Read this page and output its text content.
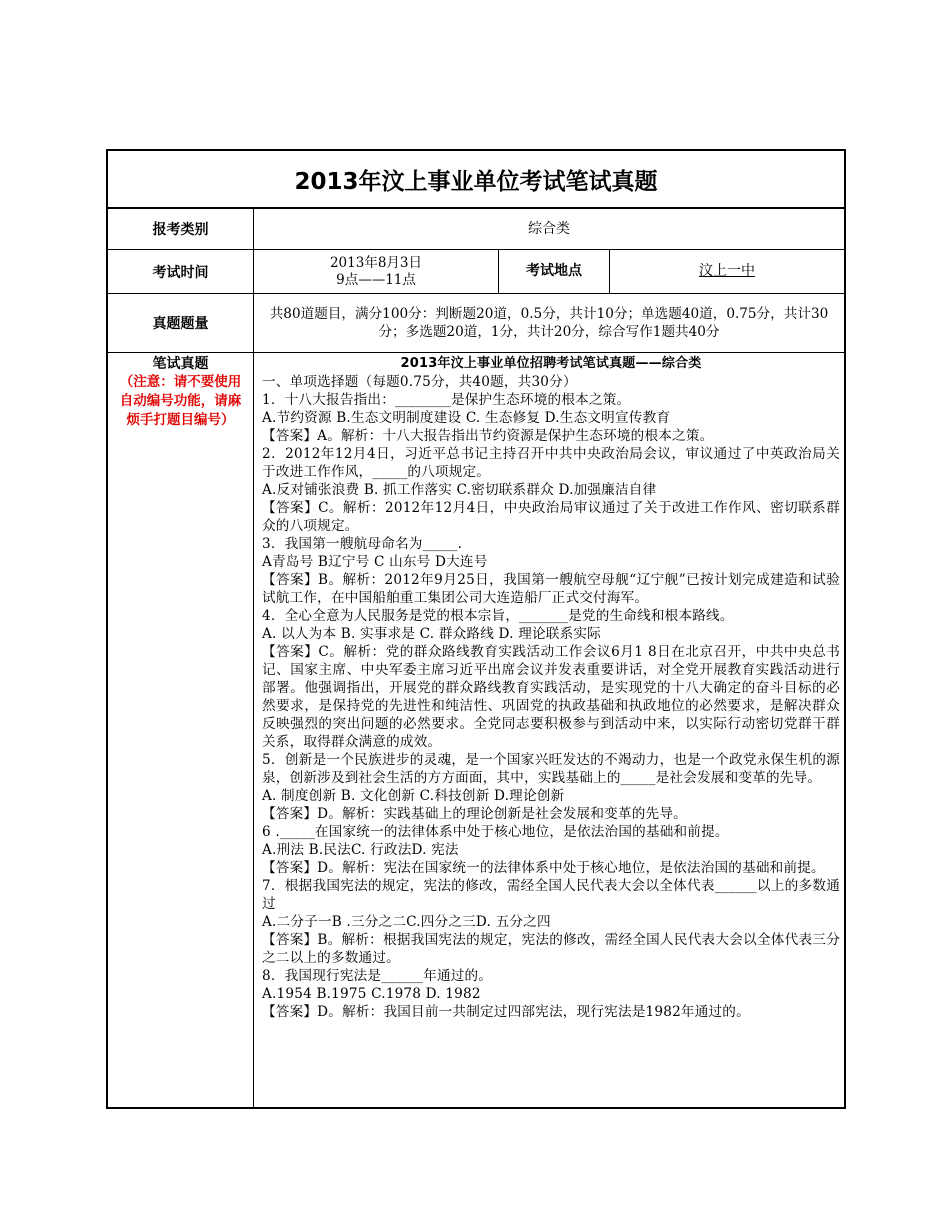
2013年汶上事业单位考试笔试真题
报考类别	综合类
考试时间
2013年8月3日
9点——11点
考试地点	汶上一中
真题题量
共80道题目，满分100分：判断题20道，0.5分，共计10分；单选题40道，0.75分，共计30分；多选题20道，1分，共计20分，综合写作1题共40分
笔试真题
（注意：请不要使用自动编号功能，请麻烦手打题目编号）

2013年汶上事业单位招聘考试笔试真题——综合类

一、单项选择题（每题0.75分，共40题，共30分）

1．十八大报告指出：________是保护生态环境的根本之策。

A.节约资源 B.生态文明制度建设 C. 生态修复 D.生态文明宣传教育

【答案】A。解析：十八大报告指出节约资源是保护生态环境的根本之策。

2．2012年12月4日，习近平总书记主持召开中共中央政治局会议，审议通过了中英政治局关于改进工作作风，_____的八项规定。

A.反对铺张浪费 B. 抓工作落实 C.密切联系群众 D.加强廉洁自律

【答案】C。解析：2012年12月4日，中央政治局审议通过了关于改进工作作风、密切联系群众的八项规定。

3．我国第一艘航母命名为_____.

A青岛号 B辽宁号 C 山东号 D大连号

【答案】B。解析：2012年9月25日，我国第一艘航空母舰“辽宁舰”已按计划完成建造和试验试航工作，在中国船舶重工集团公司大连造船厂正式交付海军。

4．全心全意为人民服务是党的根本宗旨，_______是党的生命线和根本路线。

A. 以人为本 B. 实事求是 C. 群众路线 D. 理论联系实际

【答案】C。解析：党的群众路线教育实践活动工作会议6月1 8日在北京召开，中共中央总书记、国家主席、中央军委主席习近平出席会议并发表重要讲话，对全党开展教育实践活动进行部署。他强调指出，开展党的群众路线教育实践活动，是实现党的十八大确定的奋斗目标的必然要求，是保持党的先进性和纯洁性、巩固党的执政基础和执政地位的必然要求，是解决群众反映强烈的突出问题的必然要求。全党同志要积极参与到活动中来，以实际行动密切党群干群关系，取得群众满意的成效。

5．创新是一个民族进步的灵魂，是一个国家兴旺发达的不竭动力，也是一个政党永保生机的源泉，创新涉及到社会生活的方方面面，其中，实践基础上的_____是社会发展和变革的先导。

A. 制度创新 B. 文化创新 C.科技创新 D.理论创新

【答案】D。解析：实践基础上的理论创新是社会发展和变革的先导。

6 ._____在国家统一的法律体系中处于核心地位，是依法治国的基础和前提。

A.刑法 B.民法C. 行政法D. 宪法

【答案】D。解析：宪法在国家统一的法律体系中处于核心地位，是依法治国的基础和前提。

7．根据我国宪法的规定，宪法的修改，需经全国人民代表大会以全体代表______以上的多数通过

A.二分子一B .三分之二C.四分之三D. 五分之四

【答案】B。解析：根据我国宪法的规定，宪法的修改，需经全国人民代表大会以全体代表三分之二以上的多数通过。

8．我国现行宪法是______年通过的。

A.1954 B.1975 C.1978 D. 1982

【答案】D。解析：我国目前一共制定过四部宪法，现行宪法是1982年通过的。
